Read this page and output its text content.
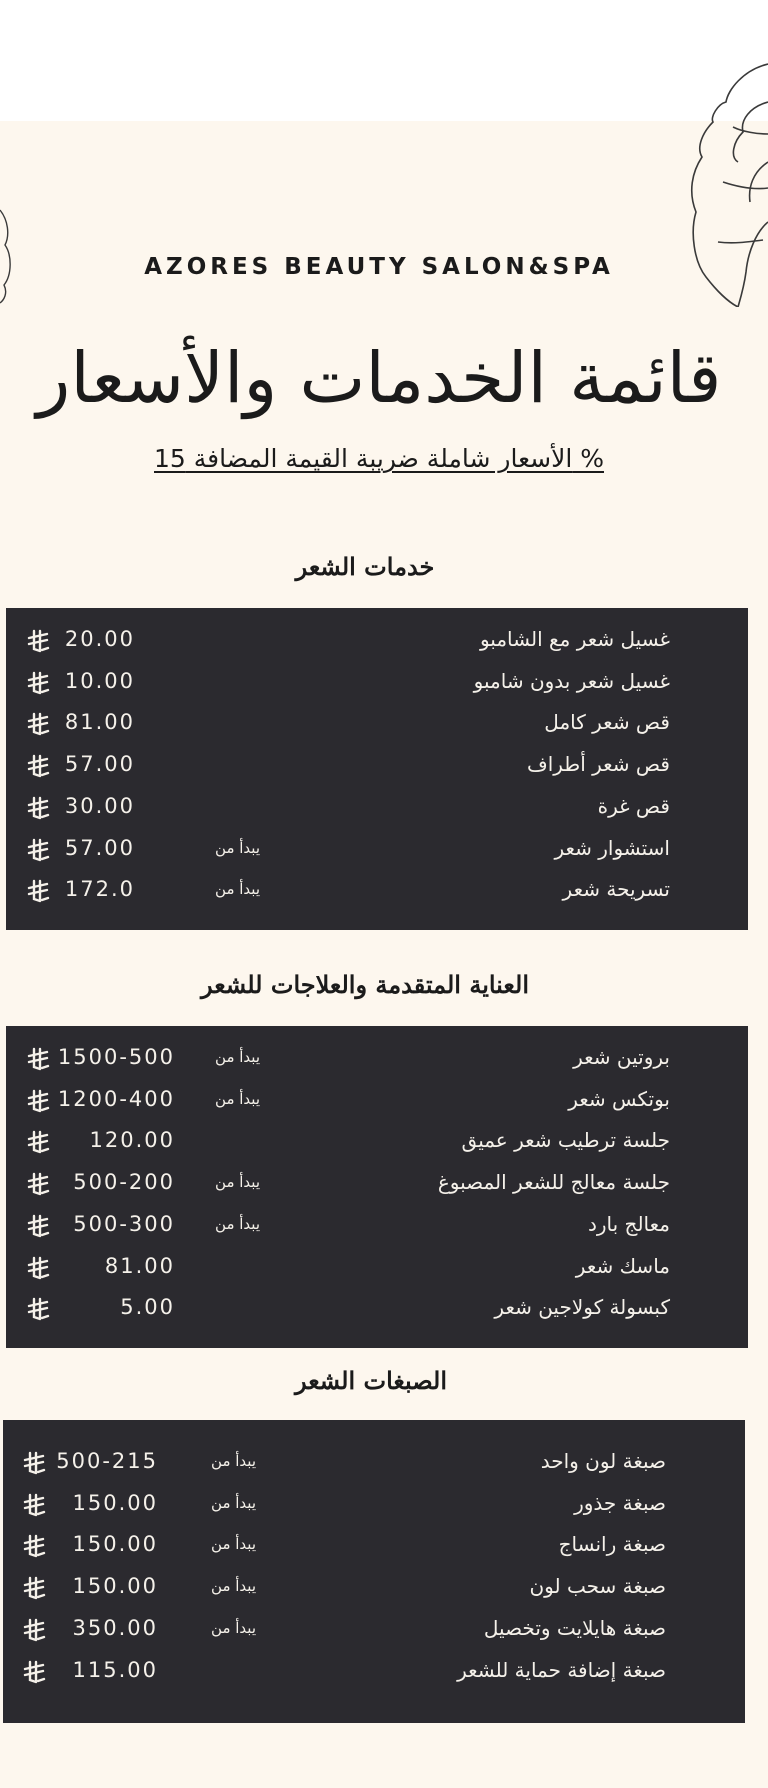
AZORES BEAUTY SALON&SPA
قائمة الخدمات والأسعار
الأسعار شاملة ضريبة القيمة المضافة 15 %
خدمات الشعر
العناية المتقدمة والعلاجات للشعر
الصبغات الشعر
غسيل شعر مع الشامبو
20.00
غسيل شعر بدون شامبو
10.00
قص شعر كامل
81.00
قص شعر أطراف
57.00
قص غرة
30.00
استشوار شعر
يبدأ من
57.00
تسريحة شعر
يبدأ من
172.0
بروتين شعر
يبدأ من
1500-500
بوتكس شعر
يبدأ من
1200-400
جلسة ترطيب شعر عميق
120.00
جلسة معالج للشعر المصبوغ
يبدأ من
500-200
معالج بارد
يبدأ من
500-300
ماسك شعر
81.00
كبسولة كولاجين شعر
5.00
صبغة لون واحد
يبدأ من
500-215
صبغة جذور
يبدأ من
150.00
صبغة رانساج
يبدأ من
150.00
صبغة سحب لون
يبدأ من
150.00
صبغة هايلايت وتخصيل
يبدأ من
350.00
صبغة إضافة حماية للشعر
115.00
